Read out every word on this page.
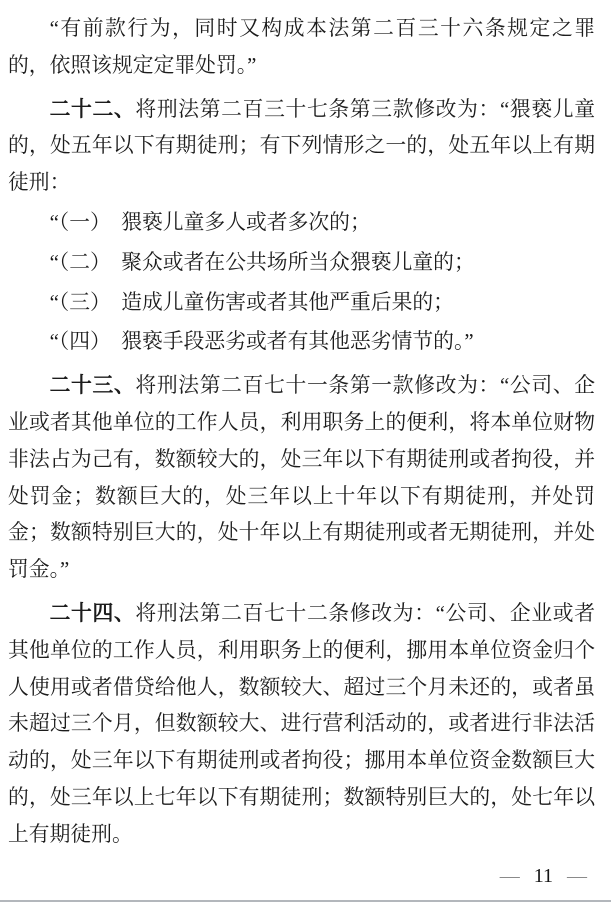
“有前款行为，同时又构成本法第二百三十六条规定之罪的，依照该规定定罪处罚。”

二十二、将刑法第二百三十七条第三款修改为：“猥亵儿童的，处五年以下有期徒刑；有下列情形之一的，处五年以上有期徒刑：

“（一）　猥亵儿童多人或者多次的；

“（二）　聚众或者在公共场所当众猥亵儿童的；

“（三）　造成儿童伤害或者其他严重后果的；

“（四）　猥亵手段恶劣或者有其他恶劣情节的。”

二十三、将刑法第二百七十一条第一款修改为：“公司、企业或者其他单位的工作人员，利用职务上的便利，将本单位财物非法占为己有，数额较大的，处三年以下有期徒刑或者拘役，并处罚金；数额巨大的，处三年以上十年以下有期徒刑，并处罚金；数额特别巨大的，处十年以上有期徒刑或者无期徒刑，并处罚金。”

二十四、将刑法第二百七十二条修改为：“公司、企业或者其他单位的工作人员，利用职务上的便利，挪用本单位资金归个人使用或者借贷给他人，数额较大、超过三个月未还的，或者虽未超过三个月，但数额较大、进行营利活动的，或者进行非法活动的，处三年以下有期徒刑或者拘役；挪用本单位资金数额巨大的，处三年以上七年以下有期徒刑；数额特别巨大的，处七年以上有期徒刑。

— 11 —
